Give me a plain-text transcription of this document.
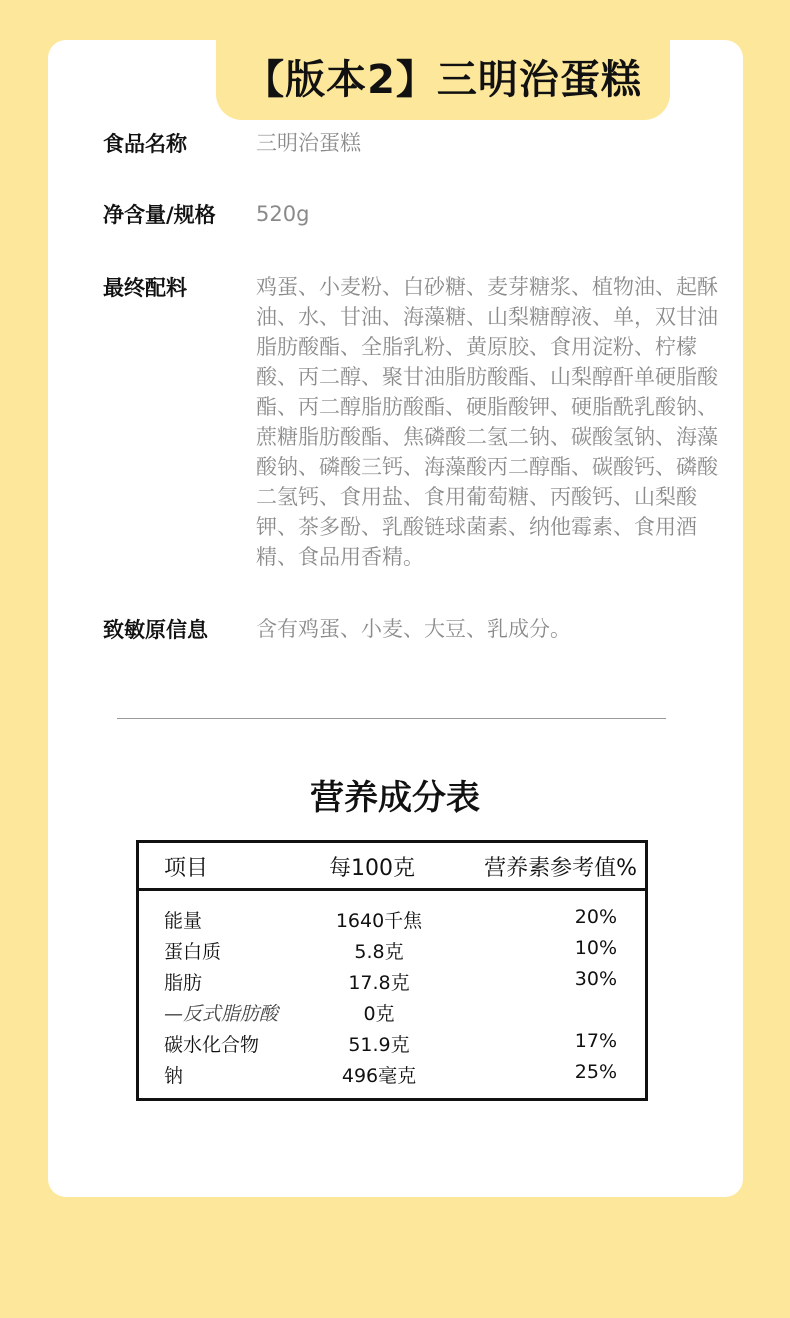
【版本2】三明治蛋糕
食品名称	三明治蛋糕
净含量/规格 520g
最终配料	鸡蛋、小麦粉、白砂糖、麦芽糖浆、植物油、起酥油、水、甘油、海藻糖、山梨糖醇液、单，双甘油脂肪酸酯、全脂乳粉、黄原胶、食用淀粉、柠檬酸、丙二醇、聚甘油脂肪酸酯、山梨醇酐单硬脂酸酯、丙二醇脂肪酸酯、硬脂酸钾、硬脂酰乳酸钠、蔗糖脂肪酸酯、焦磷酸二氢二钠、碳酸氢钠、海藻酸钠、磷酸三钙、海藻酸丙二醇酯、碳酸钙、磷酸二氢钙、食用盐、食用葡萄糖、丙酸钙、山梨酸钾、茶多酚、乳酸链球菌素、纳他霉素、食用酒精、食品用香精。
致敏原信息 含有鸡蛋、小麦、大豆、乳成分。
营养成分表
项目	每100克	营养素参考值%
能量	1640千焦	20%
蛋白质	5.8克	10%
脂肪	17.8克	30%
—反式脂肪酸	0克
碳水化合物	51.9克	17%
钠	496毫克	25%
